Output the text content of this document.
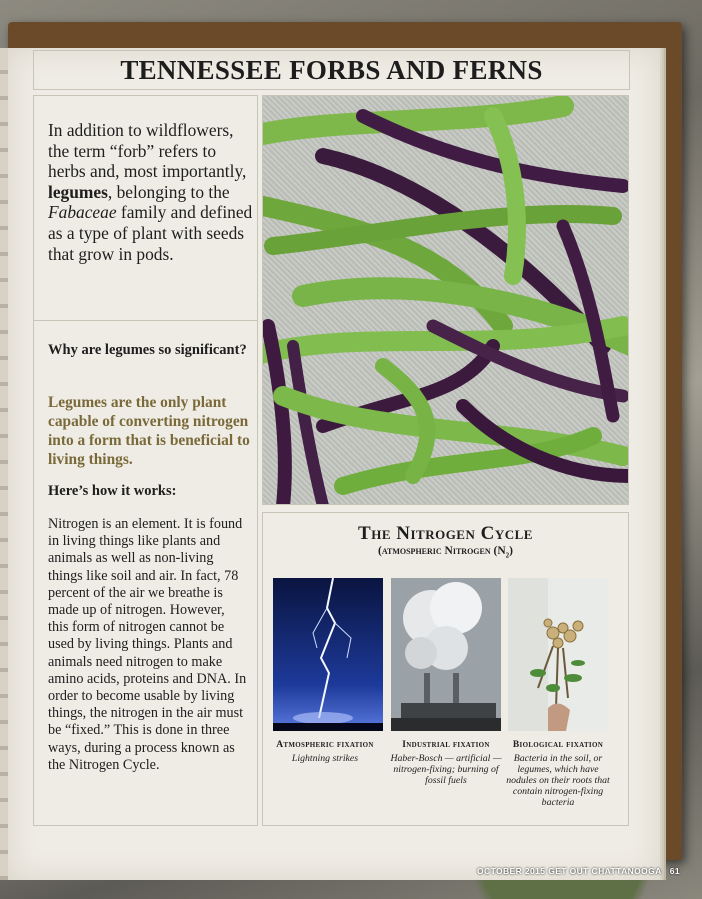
TENNESSEE FORBS AND FERNS

In addition to wildflowers, the term “forb” refers to herbs and, most importantly, legumes, belonging to the Fabaceae family and defined as a type of plant with seeds that grow in pods.

Why are legumes so significant?

Legumes are the only plant capable of converting nitrogen into a form that is beneficial to living things.

Here’s how it works:

Nitrogen is an element. It is found in living things like plants and animals as well as non-living things like soil and air. In fact, 78 percent of the air we breathe is made up of nitrogen. However, this form of nitrogen cannot be used by living things. Plants and animals need nitrogen to make amino acids, proteins and DNA. In order to become usable by living things, the nitrogen in the air must be “fixed.” This is done in three ways, during a process known as the Nitrogen Cycle.

The Nitrogen Cycle

(atmospheric Nitrogen $(N_2)$

Atmospheric fixation
Lightning strikes
Industrial fixation
Haber-Bosch — artificial — nitrogen-fixing; burning of fossil fuels
Biological fixation
Bacteria in the soil, or legumes, which have nodules on their roots that contain nitrogen-fixing bacteria
OCTOBER 2015 GET OUT CHATTANOOGA 61
